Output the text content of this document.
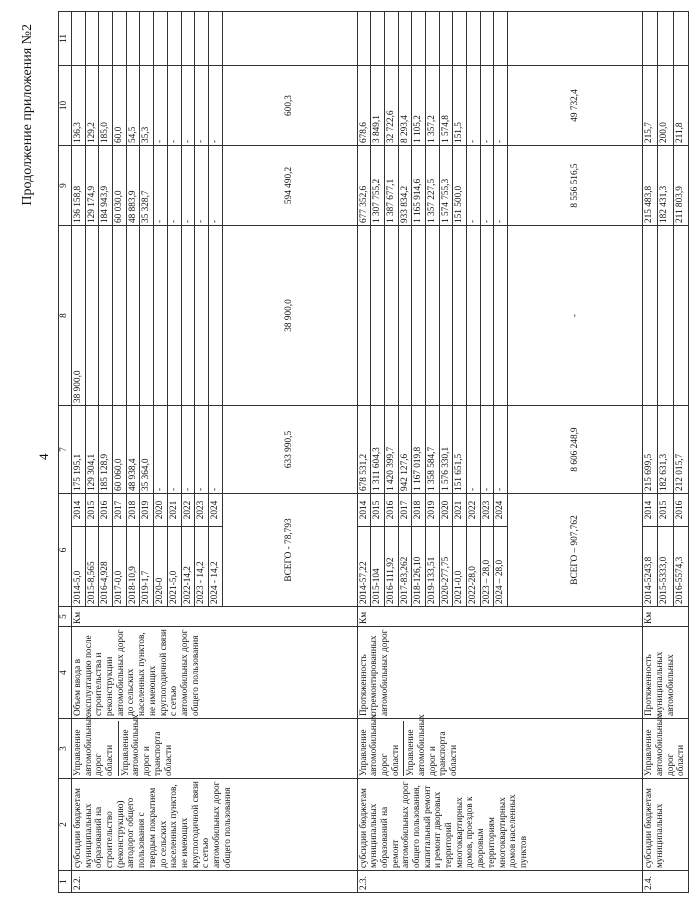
4
Продолжение приложения №2
1	2	3	4	5	6		7	8	9	10	11
2.2.	субсидии бюджетам муниципальных образований на строительство (реконструкцию) автодорог общего пользования с твердым покрытием до сельских населенных пунктов, не имеющих круглогодичной связи с сетью автомобильных дорог общего пользования	Управление автомобильных дорог области Управление автомобильных дорог и транспорта области	Объем ввода в эксплуатацию после строительства и реконструкции автомобильных дорог до сельских населенных пунктов, не имеющих круглогодичной связи с сетью автомобильных дорог общего пользования	Км	2014-5,0	2014	175 195,1	38 900,0	136 158,8	136,3	
					2015-8,565	2015	129 304,1		129 174,9	129,2	
					2016-4,928	2016	185 128,9		184 943,9	185,0	
					2017-0,0	2017	60 060,0		60 030,0	60,0	
					2018-10,9	2018	48 938,4		48 883,9	54,5	
					2019-1,7	2019	35 364,0		35 328,7	35,3	
					2020-0	2020	-		-	-	
					2021-5,0	2021	-		-	-	
					2022-14,2	2022	-		-	-	
					2023 - 14,2	2023	-		-	-	
					2024 - 14,2	2024	-		-	-	
					ВСЕГО - 78,793		633 990,5	38 900,0	594 490,2	600,3	
2.3.	субсидии бюджетам муниципальных образований на ремонт автомобильных дорог общего пользования, капитальный ремонт и ремонт дворовых территорий многоквартирных домов, проездов к дворовым территориям многоквартирных домов населенных пунктов	Управление автомобильных дорог области Управление автомобильных дорог и транспорта области	Протяженность отремонтированных автомобильных дорог	Км	2014-57,22	2014	678 531,2		677 352,6	678,6	
					2015-104	2015	1 311 604,3		1 307 755,2	3 849,1	
					2016-111,92	2016	1 420 399,7		1 387 677,1	32 722,6	
					2017-83,262	2017	942 127,6		933 834,2	8 293,4	
					2018-126,10	2018	1 167 019,8		1 165 914,6	1 105,2	
					2019-133,51	2019	1 358 584,7		1 357 227,5	1 357,2	
					2020-277,75	2020	1 576 330,1		1 574 755,3	1 574,8	
					2021-0,0	2021	151 651,5		151 500,0	151,5	
					2022-28,0	2022	-		-	-	
					2023 – 28,0	2023	-		-	-	
					2024 – 28,0	2024	-		-	-	
					ВСЕГО – 907,762		8 606 248,9	-	8 556 516,5	49 732,4	
2.4.	субсидии бюджетам муниципальных	Управление автомобильных дорог области	Протяженность муниципальных автомобильных	Км	2014-5243,8	2014	215 699,5		215 483,8	215,7	
					2015-5333,0	2015	182 631,3		182 431,3	200,0	
					2016-5574,3	2016	212 015,7		211 803,9	211,8	
